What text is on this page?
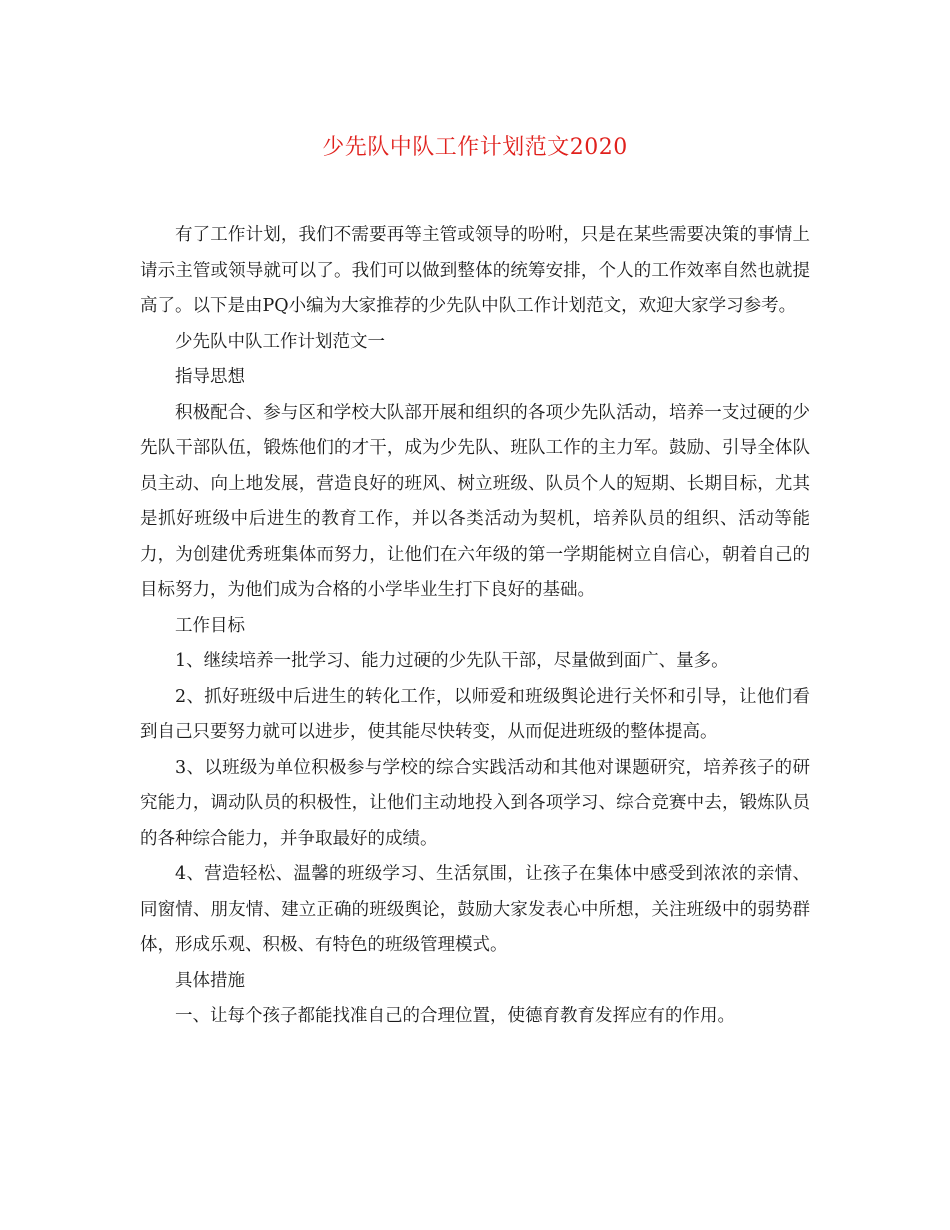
少先队中队工作计划范文2020

有了工作计划，我们不需要再等主管或领导的吩咐，只是在某些需要决策的事情上请示主管或领导就可以了。我们可以做到整体的统筹安排，个人的工作效率自然也就提高了。以下是由PQ小编为大家推荐的少先队中队工作计划范文，欢迎大家学习参考。

少先队中队工作计划范文一

指导思想

积极配合、参与区和学校大队部开展和组织的各项少先队活动，培养一支过硬的少先队干部队伍，锻炼他们的才干，成为少先队、班队工作的主力军。鼓励、引导全体队员主动、向上地发展，营造良好的班风、树立班级、队员个人的短期、长期目标，尤其是抓好班级中后进生的教育工作，并以各类活动为契机，培养队员的组织、活动等能力，为创建优秀班集体而努力，让他们在六年级的第一学期能树立自信心，朝着自己的目标努力，为他们成为合格的小学毕业生打下良好的基础。

工作目标

1、继续培养一批学习、能力过硬的少先队干部，尽量做到面广、量多。

2、抓好班级中后进生的转化工作，以师爱和班级舆论进行关怀和引导，让他们看到自己只要努力就可以进步，使其能尽快转变，从而促进班级的整体提高。

3、以班级为单位积极参与学校的综合实践活动和其他对课题研究，培养孩子的研究能力，调动队员的积极性，让他们主动地投入到各项学习、综合竞赛中去，锻炼队员的各种综合能力，并争取最好的成绩。

4、营造轻松、温馨的班级学习、生活氛围，让孩子在集体中感受到浓浓的亲情、同窗情、朋友情、建立正确的班级舆论，鼓励大家发表心中所想，关注班级中的弱势群体，形成乐观、积极、有特色的班级管理模式。

具体措施

一、让每个孩子都能找准自己的合理位置，使德育教育发挥应有的作用。
